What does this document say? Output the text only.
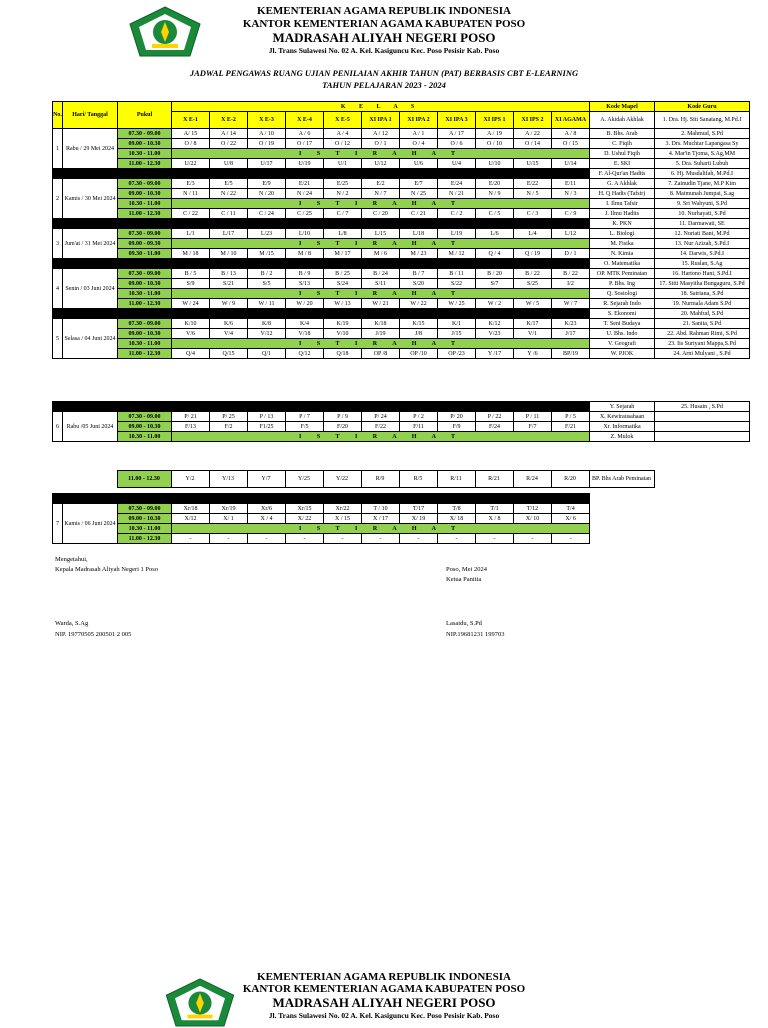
KEMENTERIAN AGAMA REPUBLIK INDONESIA
KANTOR KEMENTERIAN AGAMA KABUPATEN POSO
MADRASAH ALIYAH NEGERI POSO
Jl. Trans Sulawesi No. 02 A. Kel. Kasiguncu Kec. Poso Pesisir Kab. Poso
JADWAL PENGAWAS RUANG UJIAN PENILAIAN AKHIR TAHUN (PAT) BERBASIS CBT E-LEARNING
TAHUN PELAJARAN 2023 - 2024
No.	Hari/ Tanggal	Pukul	K E L A S											Kode Mapel	Kode Guru
			X E-1	X E-2	X E-3	X E-4	X E-5	XI IPA 1	XI IPA 2	XI IPA 3	XI IPS 1	XI IPS 2	XI AGAMA	A. Akidah Akhlak	1. Dra. Hj. Siti Sanatang, M.Pd.I
1	Rabu / 29 Mei 2024	07.30 - 09.00	A/ 15	A / 14	A / 10	A / 6	A / 4	A / 12	A / 1	A / 17	A / 19	A / 22	A / 8	B. Bhs. Arab	2. Mahmud, S.Pd
		09.00 - 10.30	O / 8	O / 22	O / 19	O / 17	O / 12	O / 1	O / 4	O / 6	O / 10	O / 14	O / 15	C. Fiqih	3. Drs. Muchtar Lapangasa Sy
		10.30 - 11.00	I S T I R A H A T											D. Ushul Fiqih	4. Mar'in Tjoma, S.Ag,MM
		11.00 - 12.30	U/22	U/8	U/17	U/19	U/1	U/12	U/6	U/4	U/10	U/15	U/14	E. SKI	5. Dra. Suharti Lubuh
														F. Al-Qur'an Hadits	6. Hj. Musdalifah, M.Pd.I
2	Kamis / 30 Mei 2024	07.30 - 09.00	E/3	E/5	E/9	E/21	E/25	E/2	E/7	E/24	E/20	E/22	E/11	G. A Akhlak	7. Zainudin Tjane, M.P Kim
		09.00 - 10.30	N / 11	N / 22	N / 20	N / 24	N / 2	N / 7	N / 25	N / 21	N / 9	N / 5	N / 3	H. Q Hadis (Tafsir)	8. Maimunah Jumpai, S.ag
		10.30 - 11.00	I S T I R A H A T											I. Ilmu Tafsir	9. Sri Wahyuni, S.Pd
		11.00 - 12.30	C / 22	C / 11	C / 24	C / 25	C / 7	C / 20	C / 21	C / 2	C / 5	C / 3	C / 9	J. Ilmu Hadits	10. Nurhayati, S.Pd
														K. PKN	11. Darmawati, SE
3	Jum'at / 31 Mei 2024	07.30 - 09.00	L/1	L/17	L/23	L/10	L/8	L/15	L/18	L/19	L/6	L/4	L/12	L. Biologi	12. Nuriati Bani, M.Pd
		09.00 - 09.30	I S T I R A H A T											M. Fisika	13. Nur Azizah, S.Pd.I
		09.30 - 11.00	M / 18	M / 10	M /15	M / 8	M / 17	M / 6	M / 23	M / 12	Q / 4	Q / 19	D / 1	N. Kimia	14. Darwis, S.Pd.I
														O. Matematika	15. Ruslan, S.Ag
4	Senin / 03 Juni 2024	07.30 - 09.00	B / 5	B / 13	B / 2	B / 9	B / 25	B / 24	B / 7	B / 11	B / 20	B / 22	B / 22	OP. MTK Peminatan	16. Hartono Hani, S.Pd.I
		09.00 - 10.30	S/9	S/21	S/5	S/13	S/24	S/11	S/20	S/22	S/7	S/25	I/2	P. Bhs. Ing	17. Sitti Masyitha Bungaguru, S.Pd
		10.30 - 11.00	I S T I R A H A T											Q. Sosiologi	18. Satriana, S.Pd
		11.00 - 12.30	W / 24	W / 9	W / 11	W / 20	W / 13	W / 21	W / 22	W / 25	W / 2	W / 5	W / 7	R. Sejarah Indo	19. Nurmala Adam S.Pd
														S. Ekonomi	20. Mahfud, S.Pd
5	Selasa / 04 Juni 2024	07.30 - 09.00	K/10	K/6	K/8	K/4	K/19	K/18	K/15	K/1	K/12	K/17	K/23	T. Seni Budaya	21. Sanita, S.Pd
		09.00 - 10.30	V/6	V/4	V/12	V/18	V/10	J/19	J/8	J/15	V/23	V/1	J/17	U. Bhs. Indo	22. Abd. Rahman Rimi, S.Pd
		10.30 - 11.00	I S T I R A H A T											V. Geografi	23. Iis Suriyani Mappa,S.Pd
		11.00 - 12.30	Q/4	Q/15	Q/1	Q/12	Q/18	OP /8	OP /10	OP /23	Y /17	Y /6	BP/19	W. PJOK	24. Arni Mulyani , S.Pd
														Y. Sejarah	25. Husain , S.Pd
6	Rabu /05 Juni 2024	07.30 - 09.00	P/ 21	P/ 25	P / 13	P / 7	P / 9	P/ 24	P / 2	P/ 20	P / 22	P / 11	P / 5	X. Kewirausahaan	
		09.00 - 10.30	F/13	F/2	F1/25	F/5	F/20	F/22	F/11	F/9	F/24	F/7	F/21	Xr. Informatika	
		10.30 - 11.00	I S T I R A H A T											Z. Mulok	
		11.00 - 12.30	Y/2	Y/13	Y/7	Y/25	Y/22	R/9	R/5	R/11	R/21	R/24	R/20	BP. Bhs Arab Peminatan	

7	Kamis / 06 Juni 2024	07.30 - 09.00	Xr/18	Xr/19	Xr/6	Xr/15	Xr/22	T / 10	T/17	T/8	T/1	T/12	T/4
		09.00 - 10.30	X/12	X/ 1	X / 4	X/ 22	X / 15	X / 17	X/ 19	X/ 18	X / 8	X/ 10	X/ 6
		10.30 - 11.00	I S T I R A H A T										
		11.00 - 12.30	-	-	-	-	-	-	-	-	-	-	-
Mengetahui,
Kepala Madrasah Aliyah Negeri 1 Poso
Warda, S.Ag
NIP. 19770505 200501 2 005
Poso, Mei 2024
Ketua Panitia
Lasaidu, S.Pd
NIP.19681231 199703
KEMENTERIAN AGAMA REPUBLIK INDONESIA
KANTOR KEMENTERIAN AGAMA KABUPATEN POSO
MADRASAH ALIYAH NEGERI POSO
Jl. Trans Sulawesi No. 02 A. Kel. Kasiguncu Kec. Poso Pesisir Kab. Poso
